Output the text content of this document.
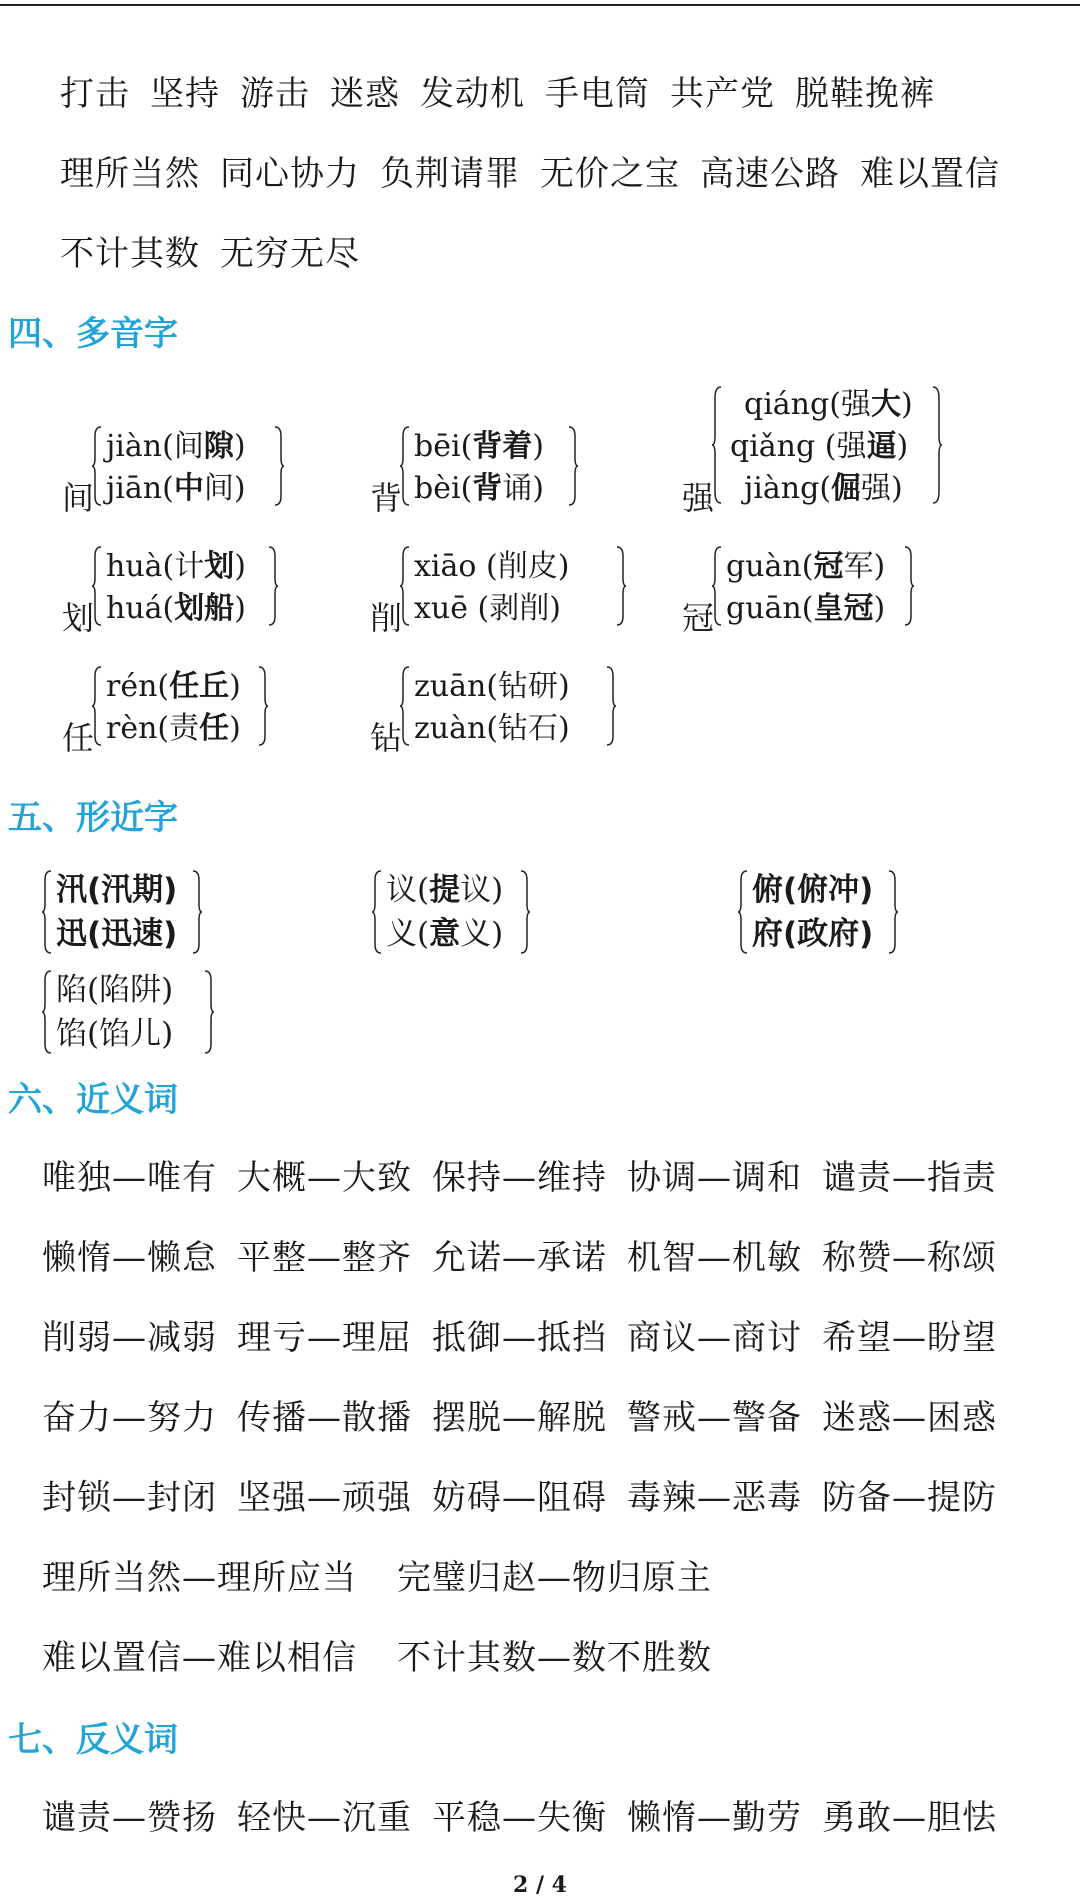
打击 坚持 游击 迷惑 发动机 手电筒 共产党 脱鞋挽裤
理所当然 同心协力 负荆请罪 无价之宝 高速公路 难以置信
不计其数 无穷无尽
四、多音字
间
jiàn(间隙)
jiān(中间)	背
bēi(背着)
bèi(背诵)	强
qiáng(强大)
qiǎng (强逼)
jiàng(倔强)
划
huà(计划)
huá(划船)	削
xiāo (削皮)
xuē (剥削)	冠
guàn(冠军)
guān(皇冠)
任
rén(任丘)
rèn(责任)	钻
zuān(钻研)
zuàn(钻石)
五、形近字
汛(汛期)
迅(迅速)
议(提议)
义(意义)
俯(俯冲)
府(政府)
陷(陷阱)
馅(馅儿)
六、近义词
唯独—唯有 大概—大致 保持—维持 协调—调和 谴责—指责
懒惰—懒怠 平整—整齐 允诺—承诺 机智—机敏 称赞—称颂
削弱—减弱 理亏—理屈 抵御—抵挡 商议—商讨 希望—盼望
奋力—努力 传播—散播 摆脱—解脱 警戒—警备 迷惑—困惑
封锁—封闭 坚强—顽强 妨碍—阻碍 毒辣—恶毒 防备—提防
理所当然—理所应当 完璧归赵—物归原主
难以置信—难以相信 不计其数—数不胜数
七、反义词
谴责—赞扬 轻快—沉重 平稳—失衡 懒惰—勤劳 勇敢—胆怯
2 / 4
